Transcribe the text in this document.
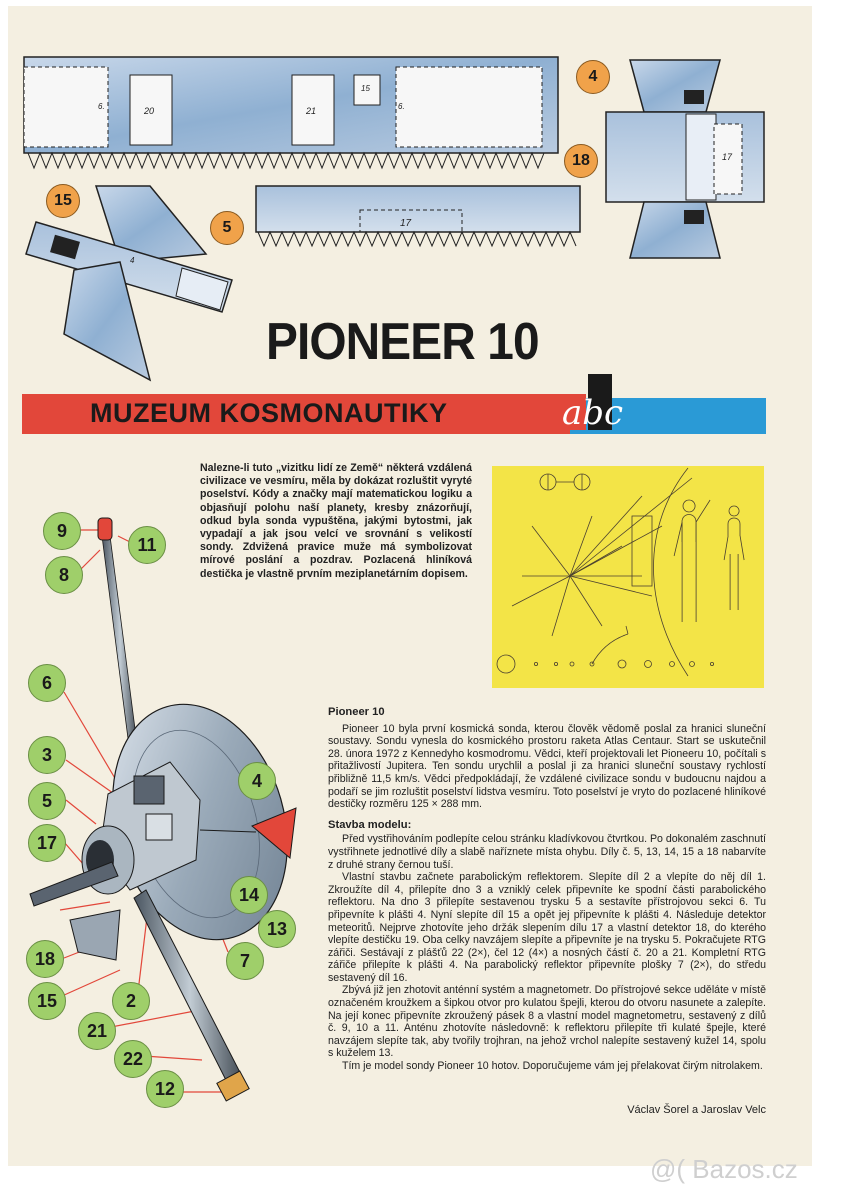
6.	20	21
15
6.
17
17
4
4
18
15
5
PIONEER 10
MUZEUM KOSMONAUTIKY	abc
Nalezne-li tuto „vizitku lidí ze Země“ některá vzdálená civilizace ve vesmíru, měla by dokázat rozluštit vyryté poselství. Kódy a značky mají matematickou logiku a objasňují polohu naší planety, kresby znázorňují, odkud byla sonda vypuštěna, jakými bytostmi, jak vypadají a jak jsou velcí ve srovnání s velikostí sondy. Zdvižená pravice muže má symbolizovat mírové poslání a pozdrav. Pozlacená hliníková destička je vlastně prvním meziplanetárním dopisem.
9
11
8
6
3
5
17
18
15
4
14
13
7
2
21
22
12
Pioneer 10

Pioneer 10 byla první kosmická sonda, kterou člověk vědomě poslal za hranici sluneční soustavy. Sondu vynesla do kosmického prostoru raketa Atlas Centaur. Start se uskutečnil 28. února 1972 z Kennedyho kosmodromu. Vědci, kteří projektovali let Pioneeru 10, počítali s přitažlivostí Jupitera. Ten sondu urychlil a poslal ji za hranici sluneční soustavy rychlostí přibližně 11,5 km/s. Vědci předpokládají, že vzdálené civilizace sondu v budoucnu najdou a podaří se jim rozluštit poselství lidstva vesmíru. Toto poselství je vryto do pozlacené hliníkové destičky rozměru 125 × 288 mm.

Stavba modelu:

Před vystřihováním podlepíte celou stránku kladívkovou čtvrtkou. Po dokonalém zaschnutí vystřihnete jednotlivé díly a slabě naříznete místa ohybu. Díly č. 5, 13, 14, 15 a 18 nabarvíte z druhé strany černou tuší.

Vlastní stavbu začnete parabolickým reflektorem. Slepíte díl 2 a vlepíte do něj díl 1. Zkroužíte díl 4, přilepíte dno 3 a vzniklý celek připevníte ke spodní části parabolického reflektoru. Na dno 3 přilepíte sestavenou trysku 5 a sestavíte přístrojovou sekci 6. Tu připevníte k plášti 4. Nyní slepíte díl 15 a opět jej připevníte k plášti 4. Následuje detektor meteoritů. Nejprve zhotovíte jeho držák slepením dílu 17 a vlastní detektor 18, do kterého vlepíte destičku 19. Oba celky navzájem slepíte a připevníte je na trysku 5. Pokračujete RTG zářiči. Sestávají z plášťů 22 (2×), čel 12 (4×) a nosných částí č. 20 a 21. Kompletní RTG zářiče přilepíte k plášti 4. Na parabolický reflektor připevníte plošky 7 (2×), do středu sestavený díl 16.

Zbývá již jen zhotovit anténní systém a magnetometr. Do přístrojové sekce uděláte v místě označeném kroužkem a šipkou otvor pro kulatou špejli, kterou do otvoru nasunete a zalepíte. Na její konec připevníte zkroužený pásek 8 a vlastní model magnetometru, sestavený z dílů č. 9, 10 a 11. Anténu zhotovíte následovně: k reflektoru přilepíte tři kulaté špejle, které navzájem slepíte tak, aby tvořily trojhran, na jehož vrchol nalepíte sestavený kužel 14, spolu s kuželem 13.

Tím je model sondy Pioneer 10 hotov. Doporučujeme vám jej přelakovat čirým nitrolakem.

Václav Šorel a Jaroslav Velc
@( Bazos.cz
